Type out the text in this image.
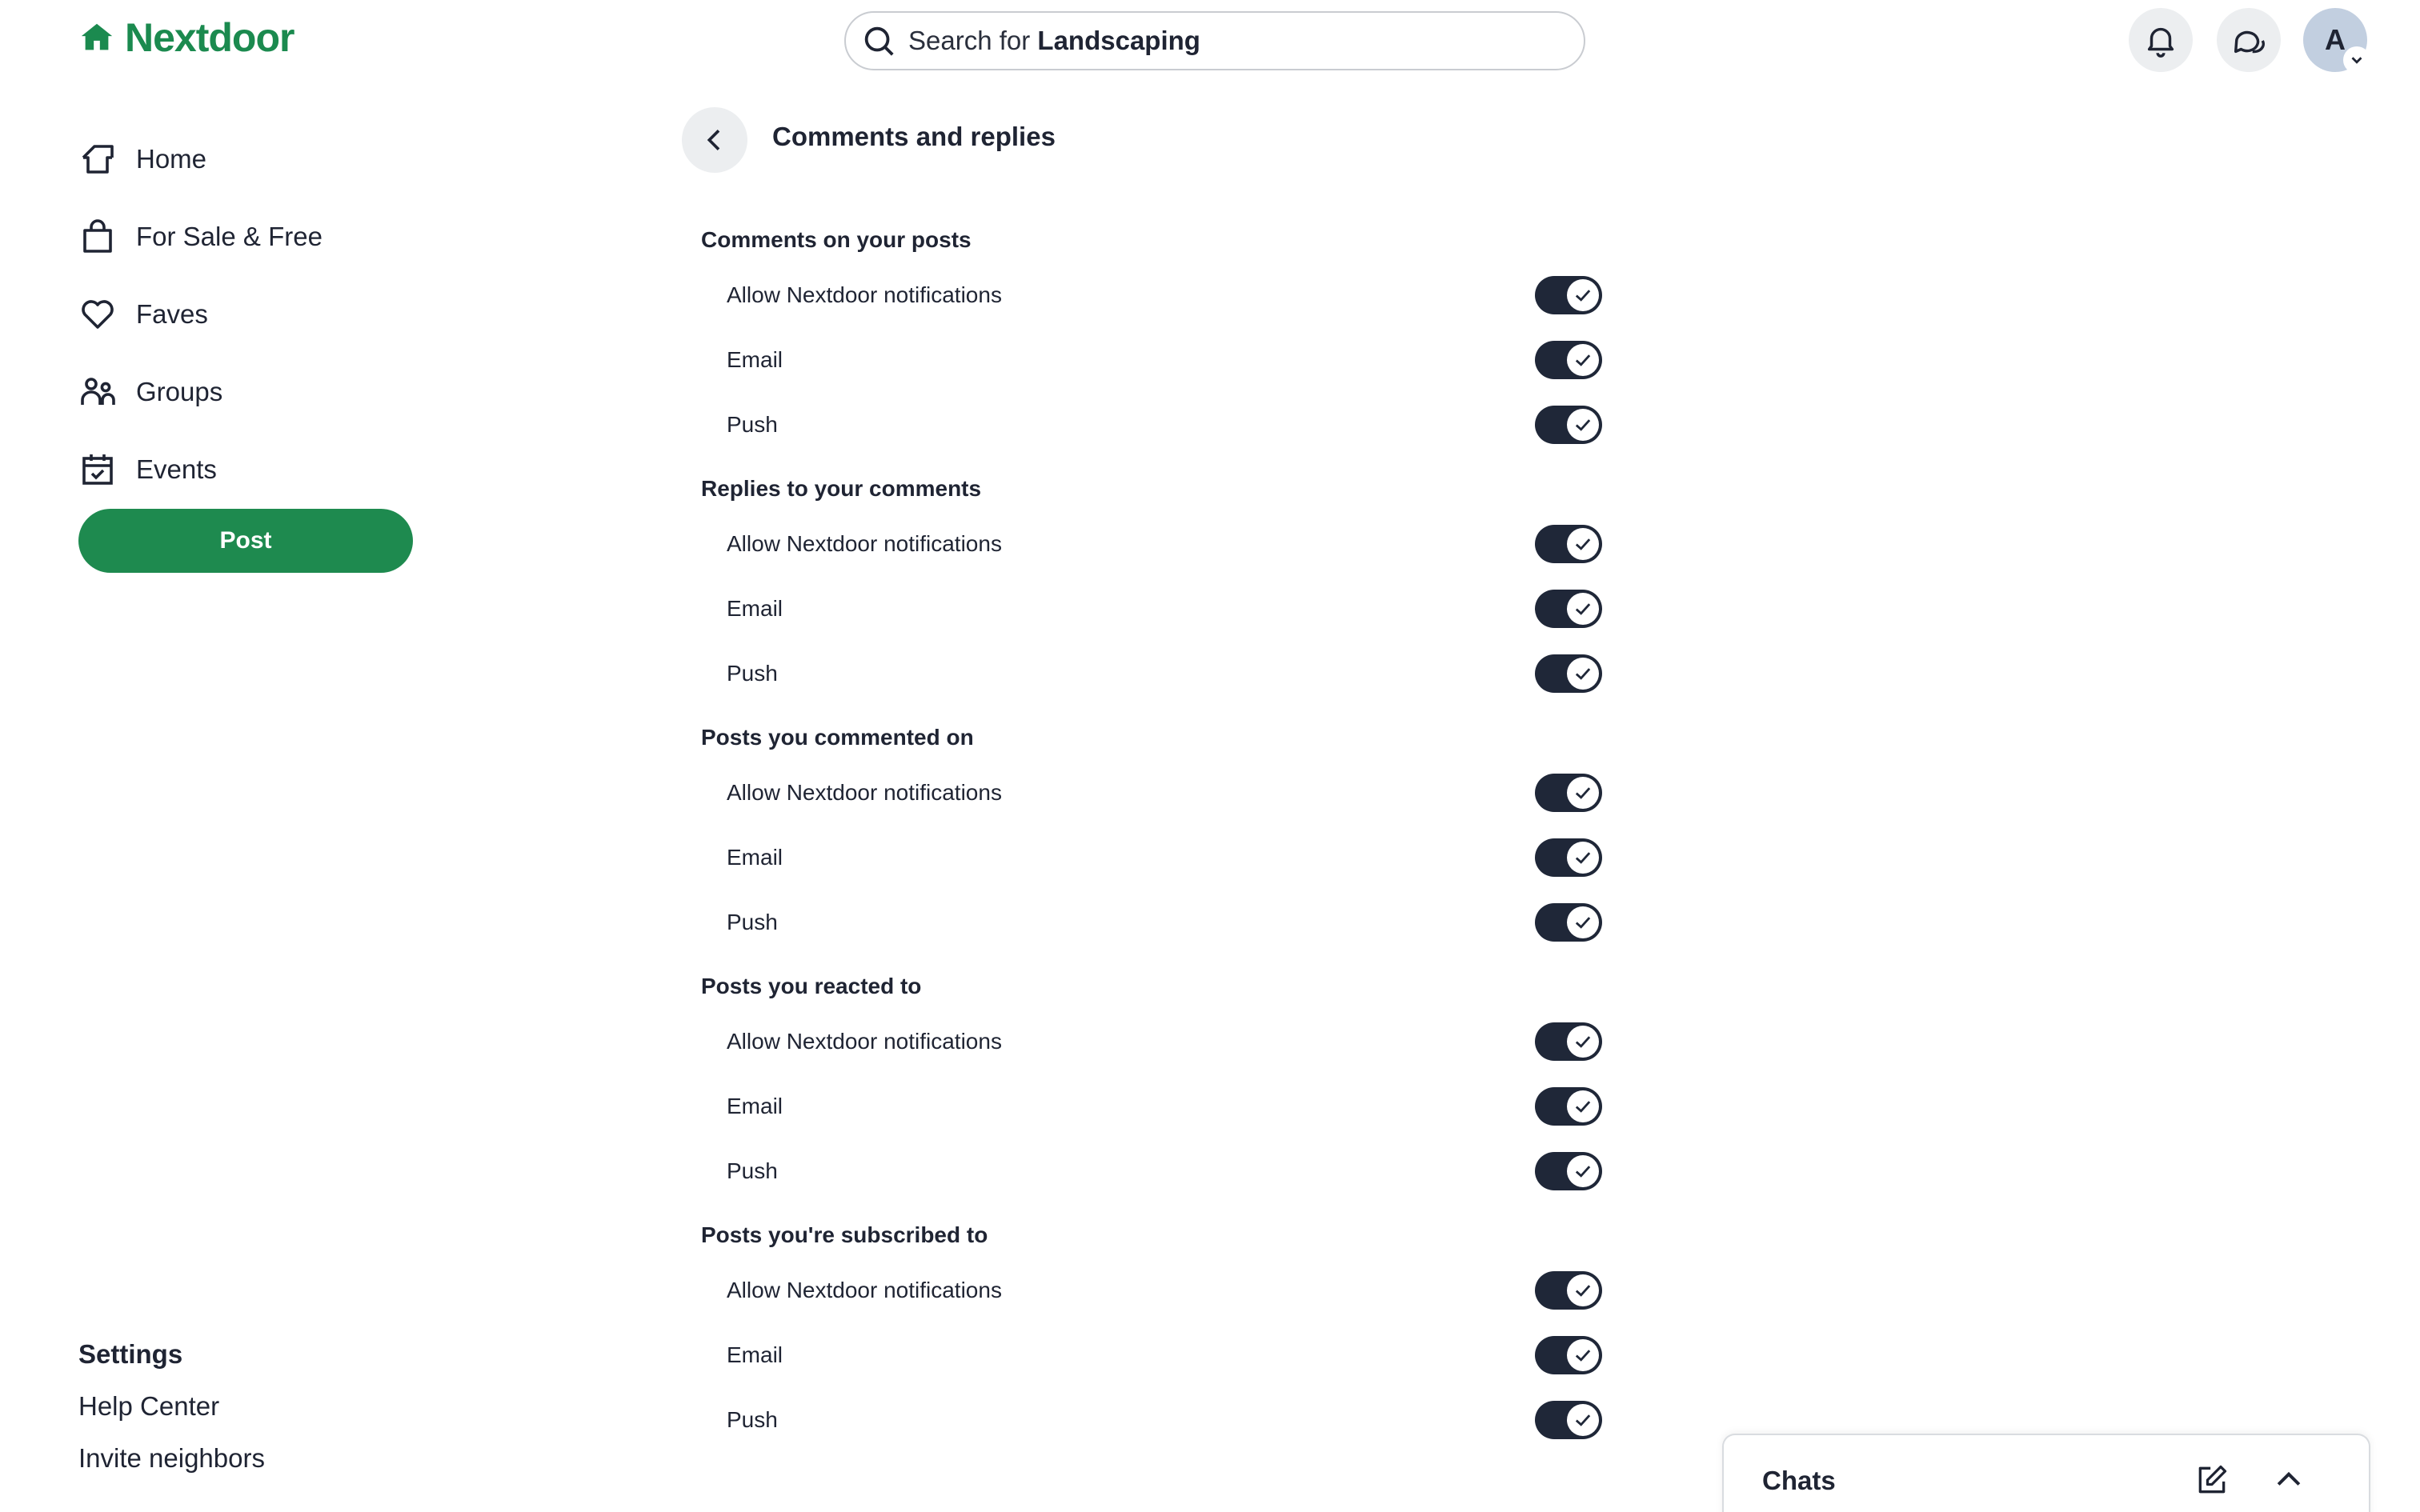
Nextdoor	Search for Landscaping	A
Home
For Sale & Free
Faves
Groups
Events
Post
Settings
Help Center
Invite neighbors
Comments and replies
Comments on your posts
Allow Nextdoor notifications
Email
Push
Replies to your comments
Allow Nextdoor notifications
Email
Push
Posts you commented on
Allow Nextdoor notifications
Email
Push
Posts you reacted to
Allow Nextdoor notifications
Email
Push
Posts you're subscribed to
Allow Nextdoor notifications
Email
Push
Chats
